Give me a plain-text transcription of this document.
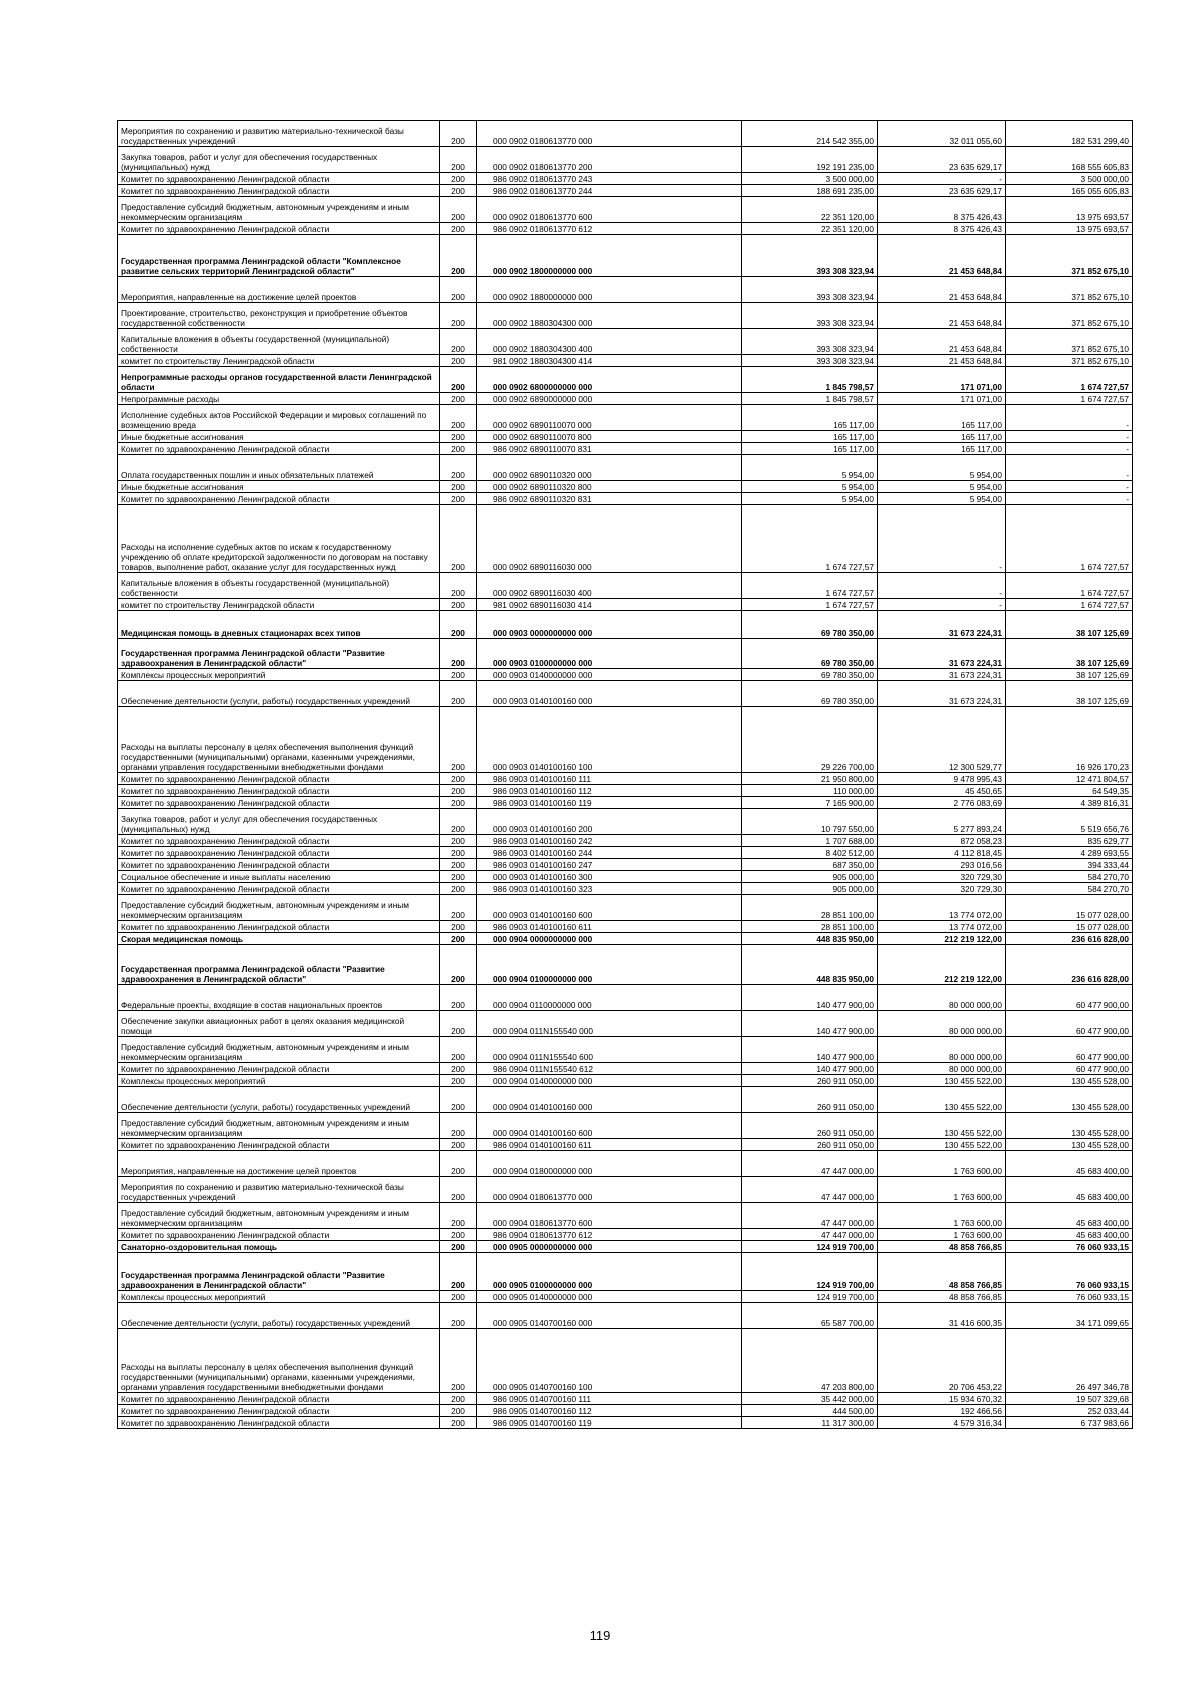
Мероприятия по сохранению и развитию материально-технической базы государственных учреждений	200	000 0902 0180613770 000	214 542 355,00	32 011 055,60	182 531 299,40
Закупка товаров, работ и услуг для обеспечения государственных (муниципальных) нужд	200	000 0902 0180613770 200	192 191 235,00	23 635 629,17	168 555 605,83
Комитет по здравоохранению Ленинградской области	200	986 0902 0180613770 243	3 500 000,00	-	3 500 000,00
Комитет по здравоохранению Ленинградской области	200	986 0902 0180613770 244	188 691 235,00	23 635 629,17	165 055 605,83
Предоставление субсидий бюджетным, автономным учреждениям и иным некоммерческим организациям	200	000 0902 0180613770 600	22 351 120,00	8 375 426,43	13 975 693,57
Комитет по здравоохранению Ленинградской области	200	986 0902 0180613770 612	22 351 120,00	8 375 426,43	13 975 693,57
Государственная программа Ленинградской области "Комплексное развитие сельских территорий Ленинградской области"	200	000 0902 1800000000 000	393 308 323,94	21 453 648,84	371 852 675,10
Мероприятия, направленные на достижение целей проектов	200	000 0902 1880000000 000	393 308 323,94	21 453 648,84	371 852 675,10
Проектирование, строительство, реконструкция и приобретение объектов государственной собственности	200	000 0902 1880304300 000	393 308 323,94	21 453 648,84	371 852 675,10
Капитальные вложения в объекты государственной (муниципальной) собственности	200	000 0902 1880304300 400	393 308 323,94	21 453 648,84	371 852 675,10
комитет по строительству Ленинградской области	200	981 0902 1880304300 414	393 308 323,94	21 453 648,84	371 852 675,10
Непрограммные расходы органов государственной власти Ленинградской области	200	000 0902 6800000000 000	1 845 798,57	171 071,00	1 674 727,57
Непрограммные расходы	200	000 0902 6890000000 000	1 845 798,57	171 071,00	1 674 727,57
Исполнение судебных актов Российской Федерации и мировых соглашений по возмещению вреда	200	000 0902 6890110070 000	165 117,00	165 117,00	-
Иные бюджетные ассигнования	200	000 0902 6890110070 800	165 117,00	165 117,00	-
Комитет по здравоохранению Ленинградской области	200	986 0902 6890110070 831	165 117,00	165 117,00	-
Оплата государственных пошлин и иных обязательных платежей	200	000 0902 6890110320 000	5 954,00	5 954,00	-
Иные бюджетные ассигнования	200	000 0902 6890110320 800	5 954,00	5 954,00	-
Комитет по здравоохранению Ленинградской области	200	986 0902 6890110320 831	5 954,00	5 954,00	-
Расходы на исполнение судебных актов по искам к государственному учреждению об оплате кредиторской задолженности по договорам на поставку товаров, выполнение работ, оказание услуг для государственных нужд	200	000 0902 6890116030 000	1 674 727,57	-	1 674 727,57
Капитальные вложения в объекты государственной (муниципальной) собственности	200	000 0902 6890116030 400	1 674 727,57	-	1 674 727,57
комитет по строительству Ленинградской области	200	981 0902 6890116030 414	1 674 727,57	-	1 674 727,57
Медицинская помощь в дневных стационарах всех типов	200	000 0903 0000000000 000	69 780 350,00	31 673 224,31	38 107 125,69
Государственная программа Ленинградской области "Развитие здравоохранения в Ленинградской области"	200	000 0903 0100000000 000	69 780 350,00	31 673 224,31	38 107 125,69
Комплексы процессных мероприятий	200	000 0903 0140000000 000	69 780 350,00	31 673 224,31	38 107 125,69
Обеспечение деятельности (услуги, работы) государственных учреждений	200	000 0903 0140100160 000	69 780 350,00	31 673 224,31	38 107 125,69
Расходы на выплаты персоналу в целях обеспечения выполнения функций государственными (муниципальными) органами, казенными учреждениями, органами управления государственными внебюджетными фондами	200	000 0903 0140100160 100	29 226 700,00	12 300 529,77	16 926 170,23
Комитет по здравоохранению Ленинградской области	200	986 0903 0140100160 111	21 950 800,00	9 478 995,43	12 471 804,57
Комитет по здравоохранению Ленинградской области	200	986 0903 0140100160 112	110 000,00	45 450,65	64 549,35
Комитет по здравоохранению Ленинградской области	200	986 0903 0140100160 119	7 165 900,00	2 776 083,69	4 389 816,31
Закупка товаров, работ и услуг для обеспечения государственных (муниципальных) нужд	200	000 0903 0140100160 200	10 797 550,00	5 277 893,24	5 519 656,76
Комитет по здравоохранению Ленинградской области	200	986 0903 0140100160 242	1 707 688,00	872 058,23	835 629,77
Комитет по здравоохранению Ленинградской области	200	986 0903 0140100160 244	8 402 512,00	4 112 818,45	4 289 693,55
Комитет по здравоохранению Ленинградской области	200	986 0903 0140100160 247	687 350,00	293 016,56	394 333,44
Социальное обеспечение и иные выплаты населению	200	000 0903 0140100160 300	905 000,00	320 729,30	584 270,70
Комитет по здравоохранению Ленинградской области	200	986 0903 0140100160 323	905 000,00	320 729,30	584 270,70
Предоставление субсидий бюджетным, автономным учреждениям и иным некоммерческим организациям	200	000 0903 0140100160 600	28 851 100,00	13 774 072,00	15 077 028,00
Комитет по здравоохранению Ленинградской области	200	986 0903 0140100160 611	28 851 100,00	13 774 072,00	15 077 028,00
Скорая медицинская помощь	200	000 0904 0000000000 000	448 835 950,00	212 219 122,00	236 616 828,00
Государственная программа Ленинградской области "Развитие здравоохранения в Ленинградской области"	200	000 0904 0100000000 000	448 835 950,00	212 219 122,00	236 616 828,00
Федеральные проекты, входящие в состав национальных проектов	200	000 0904 0110000000 000	140 477 900,00	80 000 000,00	60 477 900,00
Обеспечение закупки авиационных работ в целях оказания медицинской помощи	200	000 0904 011N155540 000	140 477 900,00	80 000 000,00	60 477 900,00
Предоставление субсидий бюджетным, автономным учреждениям и иным некоммерческим организациям	200	000 0904 011N155540 600	140 477 900,00	80 000 000,00	60 477 900,00
Комитет по здравоохранению Ленинградской области	200	986 0904 011N155540 612	140 477 900,00	80 000 000,00	60 477 900,00
Комплексы процессных мероприятий	200	000 0904 0140000000 000	260 911 050,00	130 455 522,00	130 455 528,00
Обеспечение деятельности (услуги, работы) государственных учреждений	200	000 0904 0140100160 000	260 911 050,00	130 455 522,00	130 455 528,00
Предоставление субсидий бюджетным, автономным учреждениям и иным некоммерческим организациям	200	000 0904 0140100160 600	260 911 050,00	130 455 522,00	130 455 528,00
Комитет по здравоохранению Ленинградской области	200	986 0904 0140100160 611	260 911 050,00	130 455 522,00	130 455 528,00
Мероприятия, направленные на достижение целей проектов	200	000 0904 0180000000 000	47 447 000,00	1 763 600,00	45 683 400,00
Мероприятия по сохранению и развитию материально-технической базы государственных учреждений	200	000 0904 0180613770 000	47 447 000,00	1 763 600,00	45 683 400,00
Предоставление субсидий бюджетным, автономным учреждениям и иным некоммерческим организациям	200	000 0904 0180613770 600	47 447 000,00	1 763 600,00	45 683 400,00
Комитет по здравоохранению Ленинградской области	200	986 0904 0180613770 612	47 447 000,00	1 763 600,00	45 683 400,00
Санаторно-оздоровительная помощь	200	000 0905 0000000000 000	124 919 700,00	48 858 766,85	76 060 933,15
Государственная программа Ленинградской области "Развитие здравоохранения в Ленинградской области"	200	000 0905 0100000000 000	124 919 700,00	48 858 766,85	76 060 933,15
Комплексы процессных мероприятий	200	000 0905 0140000000 000	124 919 700,00	48 858 766,85	76 060 933,15
Обеспечение деятельности (услуги, работы) государственных учреждений	200	000 0905 0140700160 000	65 587 700,00	31 416 600,35	34 171 099,65
Расходы на выплаты персоналу в целях обеспечения выполнения функций государственными (муниципальными) органами, казенными учреждениями, органами управления государственными внебюджетными фондами	200	000 0905 0140700160 100	47 203 800,00	20 706 453,22	26 497 346,78
Комитет по здравоохранению Ленинградской области	200	986 0905 0140700160 111	35 442 000,00	15 934 670,32	19 507 329,68
Комитет по здравоохранению Ленинградской области	200	986 0905 0140700160 112	444 500,00	192 466,56	252 033,44
Комитет по здравоохранению Ленинградской области	200	986 0905 0140700160 119	11 317 300,00	4 579 316,34	6 737 983,66
119
